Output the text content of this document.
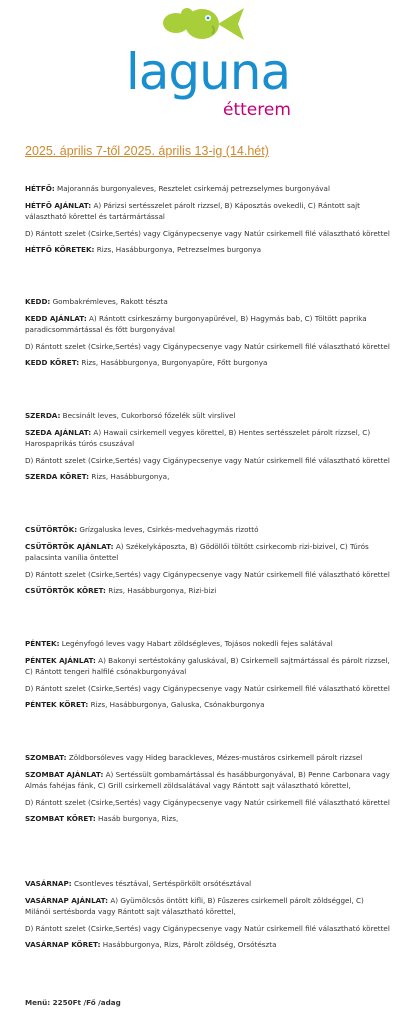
laguna
étterem
2025. április 7-től 2025. április 13-ig (14.hét)
HÉTFŐ: Majorannás burgonyaleves, Resztelet csirkemáj petrezselymes burgonyával
HÉTFŐ AJÁNLAT: A) Párizsi sertésszelet párolt rizzsel, B) Káposztás ovekedli, C) Rántott sajt választható körettel és tartármártással
D) Rántott szelet (Csirke,Sertés) vagy Cigánypecsenye vagy Natúr csirkemell filé választható körettel
HÉTFŐ KÖRETEK: Rizs, Hasábburgonya, Petrezselmes burgonya
KEDD: Gombakrémleves, Rakott tészta
KEDD AJÁNLAT: A) Rántott csirkeszárny burgonyapürével, B) Hagymás bab, C) Töltött paprika paradicsommártással és főtt burgonyával
D) Rántott szelet (Csirke,Sertés) vagy Cigánypecsenye vagy Natúr csirkemell filé választható körettel
KEDD KÖRET: Rizs, Hasábburgonya, Burgonyapüre, Főtt burgonya
SZERDA: Becsinált leves, Cukorborsó főzelék sült virslivel
SZEDA AJÁNLAT: A) Hawaii csirkemell vegyes körettel, B) Hentes sertésszelet párolt rizzsel, C) Harospaprikás túrós csuszával
D) Rántott szelet (Csirke,Sertés) vagy Cigánypecsenye vagy Natúr csirkemell filé választható körettel
SZERDA KÖRET: Rizs, Hasábburgonya,
CSÜTÖRTÖK: Grízgaluska leves, Csirkés-medvehagymás rizottó
CSÜTÖRTÖK AJÁNLAT: A) Székelykáposzta, B) Gödöllői töltött csirkecomb rizi-bizivel, C) Túrós palacsinta vanília öntettel
D) Rántott szelet (Csirke,Sertés) vagy Cigánypecsenye vagy Natúr csirkemell filé választható körettel
CSÜTÖRTÖK KÖRET: Rizs, Hasábburgonya, Rizi-bizi
PÉNTEK: Legényfogó leves vagy Habart zöldségleves, Tojásos nokedli fejes salátával
PÉNTEK AJÁNLAT: A) Bakonyi sertéstokány galuskával, B) Csirkemell sajtmártással és párolt rizzsel, C) Rántott tengeri halfilé csónakburgonyával
D) Rántott szelet (Csirke,Sertés) vagy Cigánypecsenye vagy Natúr csirkemell filé választható körettel
PÉNTEK KÖRET: Rizs, Hasábburgonya, Galuska, Csónakburgonya
SZOMBAT: Zöldborsóleves vagy Hideg barackleves, Mézes-mustáros csirkemell párolt rizzsel
SZOMBAT AJÁNLAT: A) Sertéssült gombamártással és hasábburgonyával, B) Penne Carbonara vagy Almás fahéjas fánk, C) Grill csirkemell zöldsalátával vagy Rántott sajt választható körettel,
D) Rántott szelet (Csirke,Sertés) vagy Cigánypecsenye vagy Natúr csirkemell filé választható körettel
SZOMBAT KÖRET: Hasáb burgonya, Rizs,
VASÁRNAP: Csontleves tésztával, Sertéspörkölt orsótésztával
VASÁRNAP AJÁNLAT: A) Gyümölcsös öntött kifli, B) Fűszeres csirkemell párolt zöldséggel, C) Milánói sertésborda vagy Rántott sajt választható körettel,
D) Rántott szelet (Csirke,Sertés) vagy Cigánypecsenye vagy Natúr csirkemell filé választható körettel
VASÁRNAP KÖRET: Hasábburgonya, Rizs, Párolt zöldség, Orsótészta
Menü: 2250Ft /Fő /adag
